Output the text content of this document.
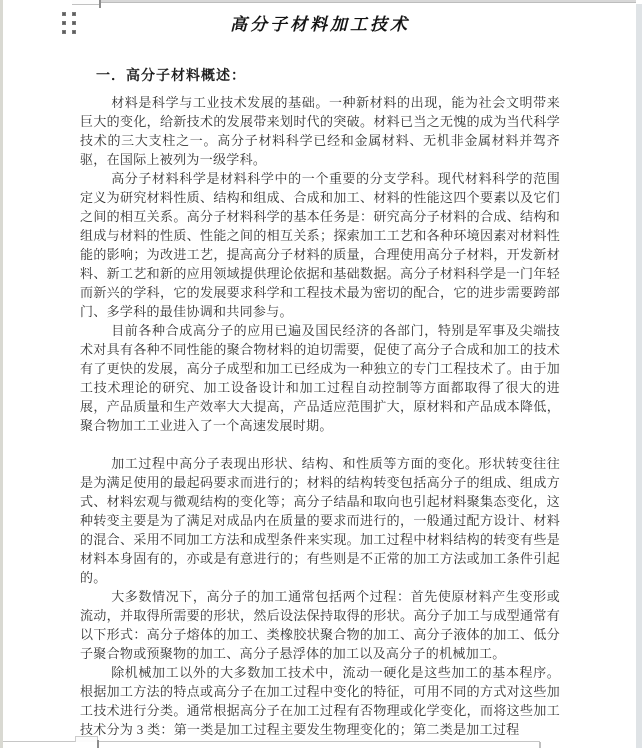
高分子材料加工技术
一．高分子材料概述：

材料是科学与工业技术发展的基础。一种新材料的出现，能为社会文明带来巨大的变化，给新技术的发展带来划时代的突破。材料已当之无愧的成为当代科学技术的三大支柱之一。高分子材料科学已经和金属材料、无机非金属材料并驾齐驱，在国际上被列为一级学科。

高分子材料科学是材料科学中的一个重要的分支学科。现代材料科学的范围定义为研究材料性质、结构和组成、合成和加工、材料的性能这四个要素以及它们之间的相互关系。高分子材料科学的基本任务是：研究高分子材料的合成、结构和组成与材料的性质、性能之间的相互关系；探索加工工艺和各种环境因素对材料性能的影响；为改进工艺，提高高分子材料的质量，合理使用高分子材料，开发新材料、新工艺和新的应用领域提供理论依据和基础数据。高分子材料科学是一门年轻而新兴的学科，它的发展要求科学和工程技术最为密切的配合，它的进步需要跨部门、多学科的最佳协调和共同参与。

目前各种合成高分子的应用已遍及国民经济的各部门，特别是军事及尖端技术对具有各种不同性能的聚合物材料的迫切需要，促使了高分子合成和加工的技术有了更快的发展，高分子成型和加工已经成为一种独立的专门工程技术了。由于加工技术理论的研究、加工设备设计和加工过程自动控制等方面都取得了很大的进展，产品质量和生产效率大大提高，产品适应范围扩大，原材料和产品成本降低，聚合物加工工业进入了一个高速发展时期。

加工过程中高分子表现出形状、结构、和性质等方面的变化。形状转变往往是为满足使用的最起码要求而进行的；材料的结构转变包括高分子的组成、组成方式、材料宏观与微观结构的变化等；高分子结晶和取向也引起材料聚集态变化，这种转变主要是为了满足对成品内在质量的要求而进行的，一般通过配方设计、材料的混合、采用不同加工方法和成型条件来实现。加工过程中材料结构的转变有些是材料本身固有的，亦或是有意进行的；有些则是不正常的加工方法或加工条件引起的。

大多数情况下，高分子的加工通常包括两个过程：首先使原材料产生变形或流动，并取得所需要的形状，然后设法保持取得的形状。高分子加工与成型通常有以下形式：高分子熔体的加工、类橡胶状聚合物的加工、高分子液体的加工、低分子聚合物或预聚物的加工、高分子悬浮体的加工以及高分子的机械加工。

除机械加工以外的大多数加工技术中，流动一硬化是这些加工的基本程序。根据加工方法的特点或高分子在加工过程中变化的特征，可用不同的方式对这些加工技术进行分类。通常根据高分子在加工过程有否物理或化学变化，而将这些加工技术分为 3 类：第一类是加工过程主要发生物理变化的；第二类是加工过程
